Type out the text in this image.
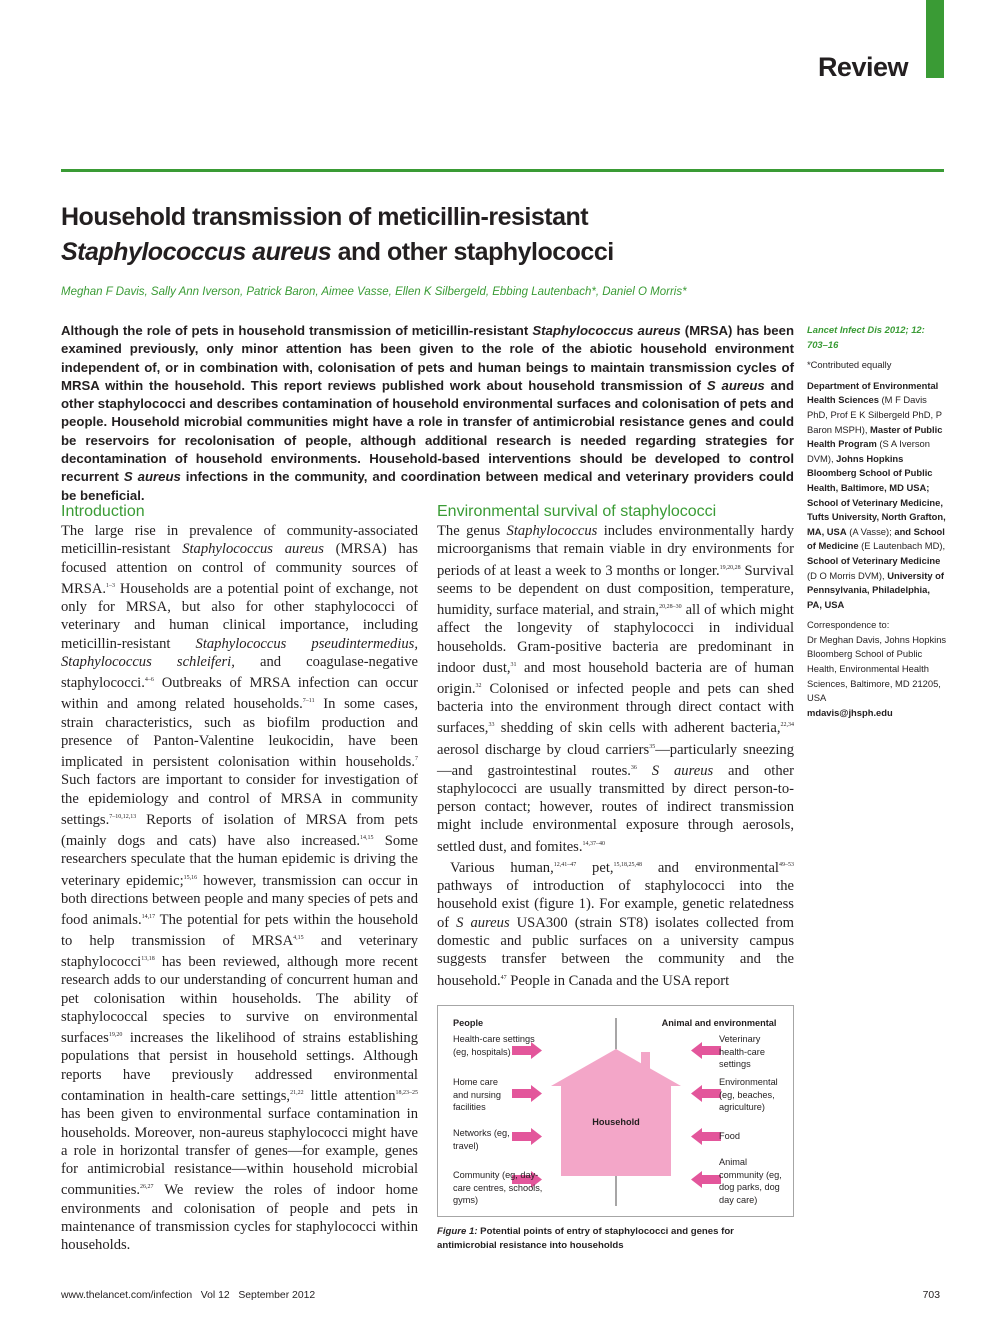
Review
Household transmission of meticillin-resistant
Staphylococcus aureus and other staphylococci
Meghan F Davis, Sally Ann Iverson, Patrick Baron, Aimee Vasse, Ellen K Silbergeld, Ebbing Lautenbach*, Daniel O Morris*

Although the role of pets in household transmission of meticillin-resistant Staphylococcus aureus (MRSA) has been examined previously, only minor attention has been given to the role of the abiotic household environment independent of, or in combination with, colonisation of pets and human beings to maintain transmission cycles of MRSA within the household. This report reviews published work about household transmission of S aureus and other staphylococci and describes contamination of household environmental surfaces and colonisation of pets and people. Household microbial communities might have a role in transfer of antimicrobial resistance genes and could be reservoirs for recolonisation of people, although additional research is needed regarding strategies for decontamination of household environments. Household-based interventions should be developed to control recurrent S aureus infections in the community, and coordination between medical and veterinary providers could be beneficial.

Lancet Infect Dis 2012; 12: 703–16

*Contributed equally

Department of Environmental Health Sciences (M F Davis PhD, Prof E K Silbergeld PhD, P Baron MSPH), Master of Public Health Program (S A Iverson DVM), Johns Hopkins Bloomberg School of Public Health, Baltimore, MD USA; School of Veterinary Medicine, Tufts University, North Grafton, MA, USA (A Vasse); and School of Medicine (E Lautenbach MD), School of Veterinary Medicine (D O Morris DVM), University of Pennsylvania, Philadelphia, PA, USA

Correspondence to:
Dr Meghan Davis, Johns Hopkins Bloomberg School of Public Health, Environmental Health Sciences, Baltimore, MD 21205, USA
mdavis@jhsph.edu

Introduction

The large rise in prevalence of community-associated meticillin-resistant Staphylococcus aureus (MRSA) has focused attention on control of community sources of MRSA.$^{1-3}$ Households are a potential point of exchange, not only for MRSA, but also for other staphylococci of veterinary and human clinical importance, including meticillin-resistant Staphylococcus pseudintermedius, Staphylococcus schleiferi, and coagulase-negative staphylococci.$^{4-6}$ Outbreaks of MRSA infection can occur within and among related households.$^{7-11}$ In some cases, strain characteristics, such as biofilm production and presence of Panton-Valentine leukocidin, have been implicated in persistent colonisation within households.$^7$ Such factors are important to consider for investigation of the epidemiology and control of MRSA in community settings.$^{7-10,12,13}$ Reports of isolation of MRSA from pets (mainly dogs and cats) have also increased.$^{14,15}$ Some researchers speculate that the human epidemic is driving the veterinary epidemic;$^{15,16}$ however, transmission can occur in both directions between people and many species of pets and food animals.$^{14,17}$ The potential for pets within the household to help transmission of MRSA$^{4,15}$ and veterinary staphylococci$^{13,18}$ has been reviewed, although more recent research adds to our understanding of concurrent human and pet colonisation within households. The ability of staphylococcal species to survive on environmental surfaces$^{19,20}$ increases the likelihood of strains establishing populations that persist in household settings. Although reports have previously addressed environmental contamination in health-care settings,$^{21,22}$ little attention$^{18,23-25}$ has been given to environmental surface contamination in households. Moreover, non-aureus staphylococci might have a role in horizontal transfer of genes—for example, genes for antimicrobial resistance—within household microbial communities.$^{26,27}$ We review the roles of indoor home environments and colonisation of people and pets in maintenance of transmission cycles for staphylococci within households.

Environmental survival of staphylococci

The genus Staphylococcus includes environmentally hardy microorganisms that remain viable in dry environments for periods of at least a week to 3 months or longer.$^{19,20,28}$ Survival seems to be dependent on dust composition, temperature, humidity, surface material, and strain,$^{20,28-30}$ all of which might affect the longevity of staphylococci in individual households. Gram-positive bacteria are predominant in indoor dust,$^{31}$ and most household bacteria are of human origin.$^{32}$ Colonised or infected people and pets can shed bacteria into the environment through direct contact with surfaces,$^{33}$ shedding of skin cells with adherent bacteria,$^{22,34}$ aerosol discharge by cloud carriers$^{35}$—particularly sneezing—and gastrointestinal routes.$^{36}$ S aureus and other staphylococci are usually transmitted by direct person-to-person contact; however, routes of indirect transmission might include environmental exposure through aerosols, settled dust, and fomites.$^{14,37-40}$

Various human,$^{12,41-47}$ pet,$^{15,18,25,48}$ and environmental$^{49-53}$ pathways of introduction of staphylococci into the household exist (figure 1). For example, genetic relatedness of S aureus USA300 (strain ST8) isolates collected from domestic and public surfaces on a university campus suggests transfer between the community and the household.$^{47}$ People in Canada and the USA report

People	Animal and environmental
Household
Health-care settings (eg, hospitals)
Home care and nursing facilities
Networks (eg, travel)
Community (eg, day-care centres, schools, gyms)
Veterinary health-care settings
Environmental (eg, beaches, agriculture)
Food
Animal community (eg, dog parks, dog day care)
Figure 1: Potential points of entry of staphylococci and genes for antimicrobial resistance into households
www.thelancet.com/infection Vol 12   September 2012	703
